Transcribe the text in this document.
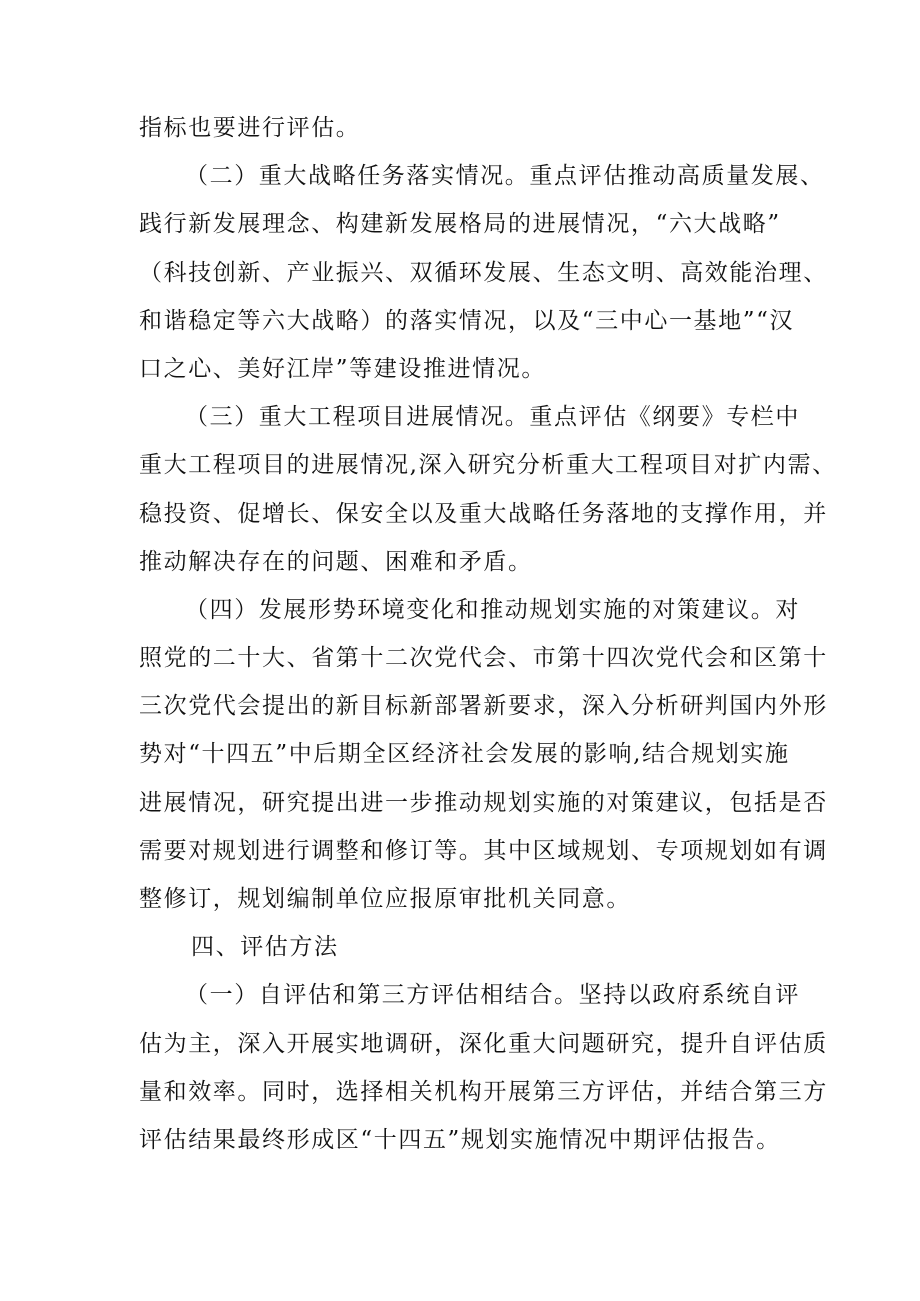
指标也要进行评估。
（二）重大战略任务落实情况。重点评估推动高质量发展、
践行新发展理念、构建新发展格局的进展情况，“六大战略”
（科技创新、产业振兴、双循环发展、生态文明、高效能治理、
和谐稳定等六大战略）的落实情况，以及“三中心一基地”“汉
口之心、美好江岸”等建设推进情况。
（三）重大工程项目进展情况。重点评估《纲要》专栏中
重大工程项目的进展情况,深入研究分析重大工程项目对扩内需、
稳投资、促增长、保安全以及重大战略任务落地的支撑作用，并
推动解决存在的问题、困难和矛盾。
（四）发展形势环境变化和推动规划实施的对策建议。对
照党的二十大、省第十二次党代会、市第十四次党代会和区第十
三次党代会提出的新目标新部署新要求，深入分析研判国内外形
势对“十四五”中后期全区经济社会发展的影响,结合规划实施
进展情况，研究提出进一步推动规划实施的对策建议，包括是否
需要对规划进行调整和修订等。其中区域规划、专项规划如有调
整修订，规划编制单位应报原审批机关同意。
四、评估方法
（一）自评估和第三方评估相结合。坚持以政府系统自评
估为主，深入开展实地调研，深化重大问题研究，提升自评估质
量和效率。同时，选择相关机构开展第三方评估，并结合第三方
评估结果最终形成区“十四五”规划实施情况中期评估报告。
